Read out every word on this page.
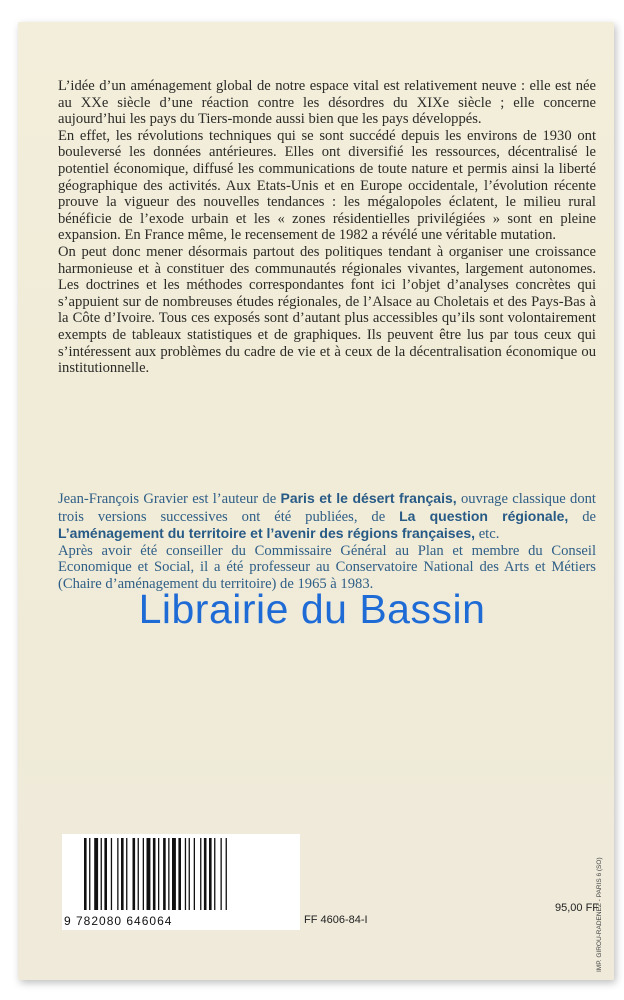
L’idée d’un aménagement global de notre espace vital est relativement neuve : elle est née au XXe siècle d’une réaction contre les désordres du XIXe siècle ; elle concerne aujourd’hui les pays du Tiers-monde aussi bien que les pays développés.

En effet, les révolutions techniques qui se sont succédé depuis les environs de 1930 ont bouleversé les données antérieures. Elles ont diversifié les ressources, décentralisé le potentiel économique, diffusé les communications de toute nature et permis ainsi la liberté géographique des activités. Aux Etats-Unis et en Europe occidentale, l’évolution récente prouve la vigueur des nouvelles tendances : les mégalopoles éclatent, le milieu rural bénéficie de l’exode urbain et les « zones résidentielles privilégiées » sont en pleine expansion. En France même, le recensement de 1982 a révélé une véritable mutation.

On peut donc mener désormais partout des politiques tendant à organiser une croissance harmonieuse et à constituer des communautés régionales vivantes, largement autonomes. Les doctrines et les méthodes correspondantes font ici l’objet d’analyses concrètes qui s’appuient sur de nombreuses études régionales, de l’Alsace au Choletais et des Pays-Bas à la Côte d’Ivoire. Tous ces exposés sont d’autant plus accessibles qu’ils sont volontairement exempts de tableaux statistiques et de graphiques. Ils peuvent être lus par tous ceux qui s’intéressent aux problèmes du cadre de vie et à ceux de la décentralisation économique ou institutionnelle.

Jean-François Gravier est l’auteur de Paris et le désert français, ouvrage classique dont trois versions successives ont été publiées, de La question régionale, de L’aménagement du territoire et l’avenir des régions françaises, etc.

Après avoir été conseiller du Commissaire Général au Plan et membre du Conseil Economique et Social, il a été professeur au Conservatoire National des Arts et Métiers (Chaire d’aménagement du territoire) de 1965 à 1983.

9 782080 646064	FF 4606-84-I
95,00 FF
IMP. GIROU-RADENEZ - PARIS 6 (SO)
Librairie du Bassin
